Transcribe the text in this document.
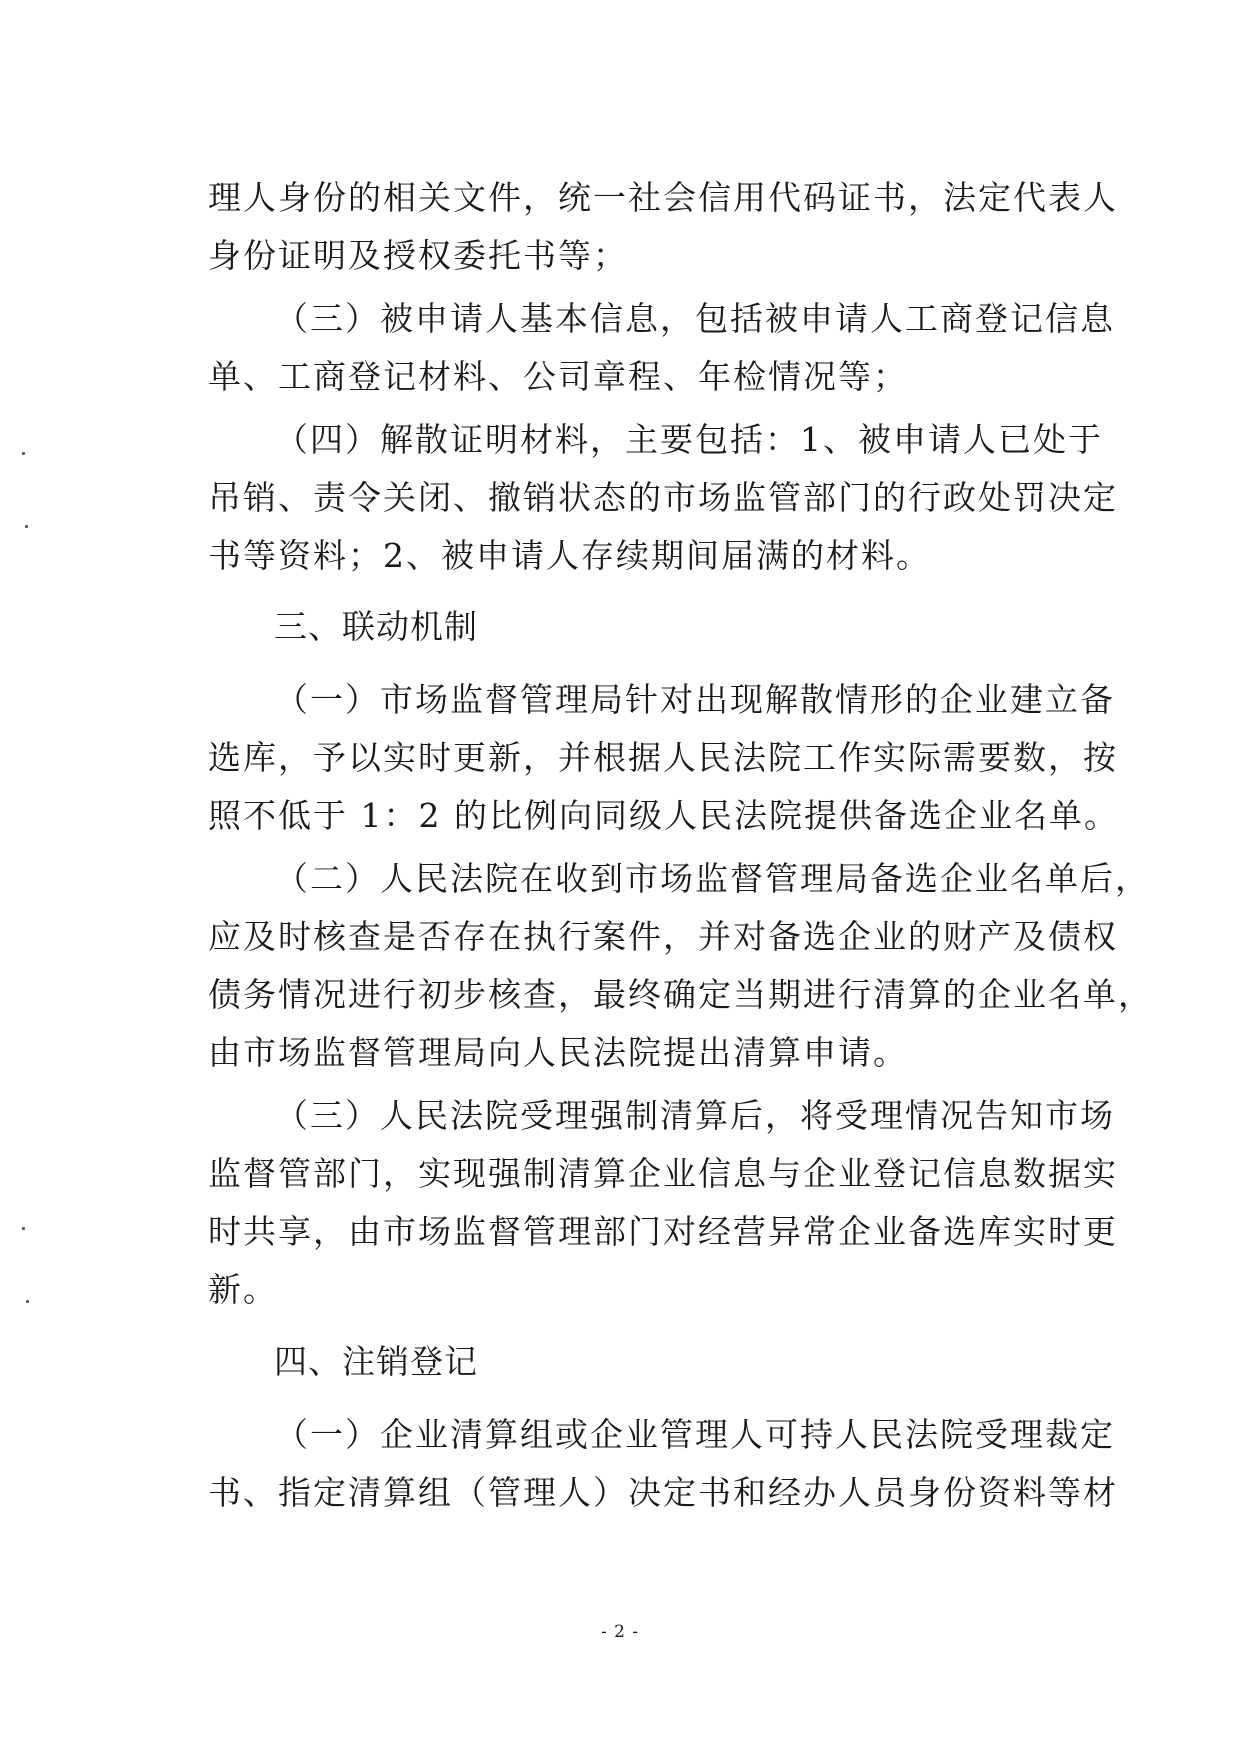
理人身份的相关文件，统一社会信用代码证书，法定代表人
身份证明及授权委托书等；
（三）被申请人基本信息，包括被申请人工商登记信息
单、工商登记材料、公司章程、年检情况等；
（四）解散证明材料，主要包括：1、被申请人已处于
吊销、责令关闭、撤销状态的市场监管部门的行政处罚决定
书等资料；2、被申请人存续期间届满的材料。
三、联动机制
（一）市场监督管理局针对出现解散情形的企业建立备
选库，予以实时更新，并根据人民法院工作实际需要数，按
照不低于 1：2 的比例向同级人民法院提供备选企业名单。
（二）人民法院在收到市场监督管理局备选企业名单后，
应及时核查是否存在执行案件，并对备选企业的财产及债权
债务情况进行初步核查，最终确定当期进行清算的企业名单，
由市场监督管理局向人民法院提出清算申请。
（三）人民法院受理强制清算后，将受理情况告知市场
监督管部门，实现强制清算企业信息与企业登记信息数据实
时共享，由市场监督管理部门对经营异常企业备选库实时更
新。
四、注销登记
（一）企业清算组或企业管理人可持人民法院受理裁定
书、指定清算组（管理人）决定书和经办人员身份资料等材
- 2 -
